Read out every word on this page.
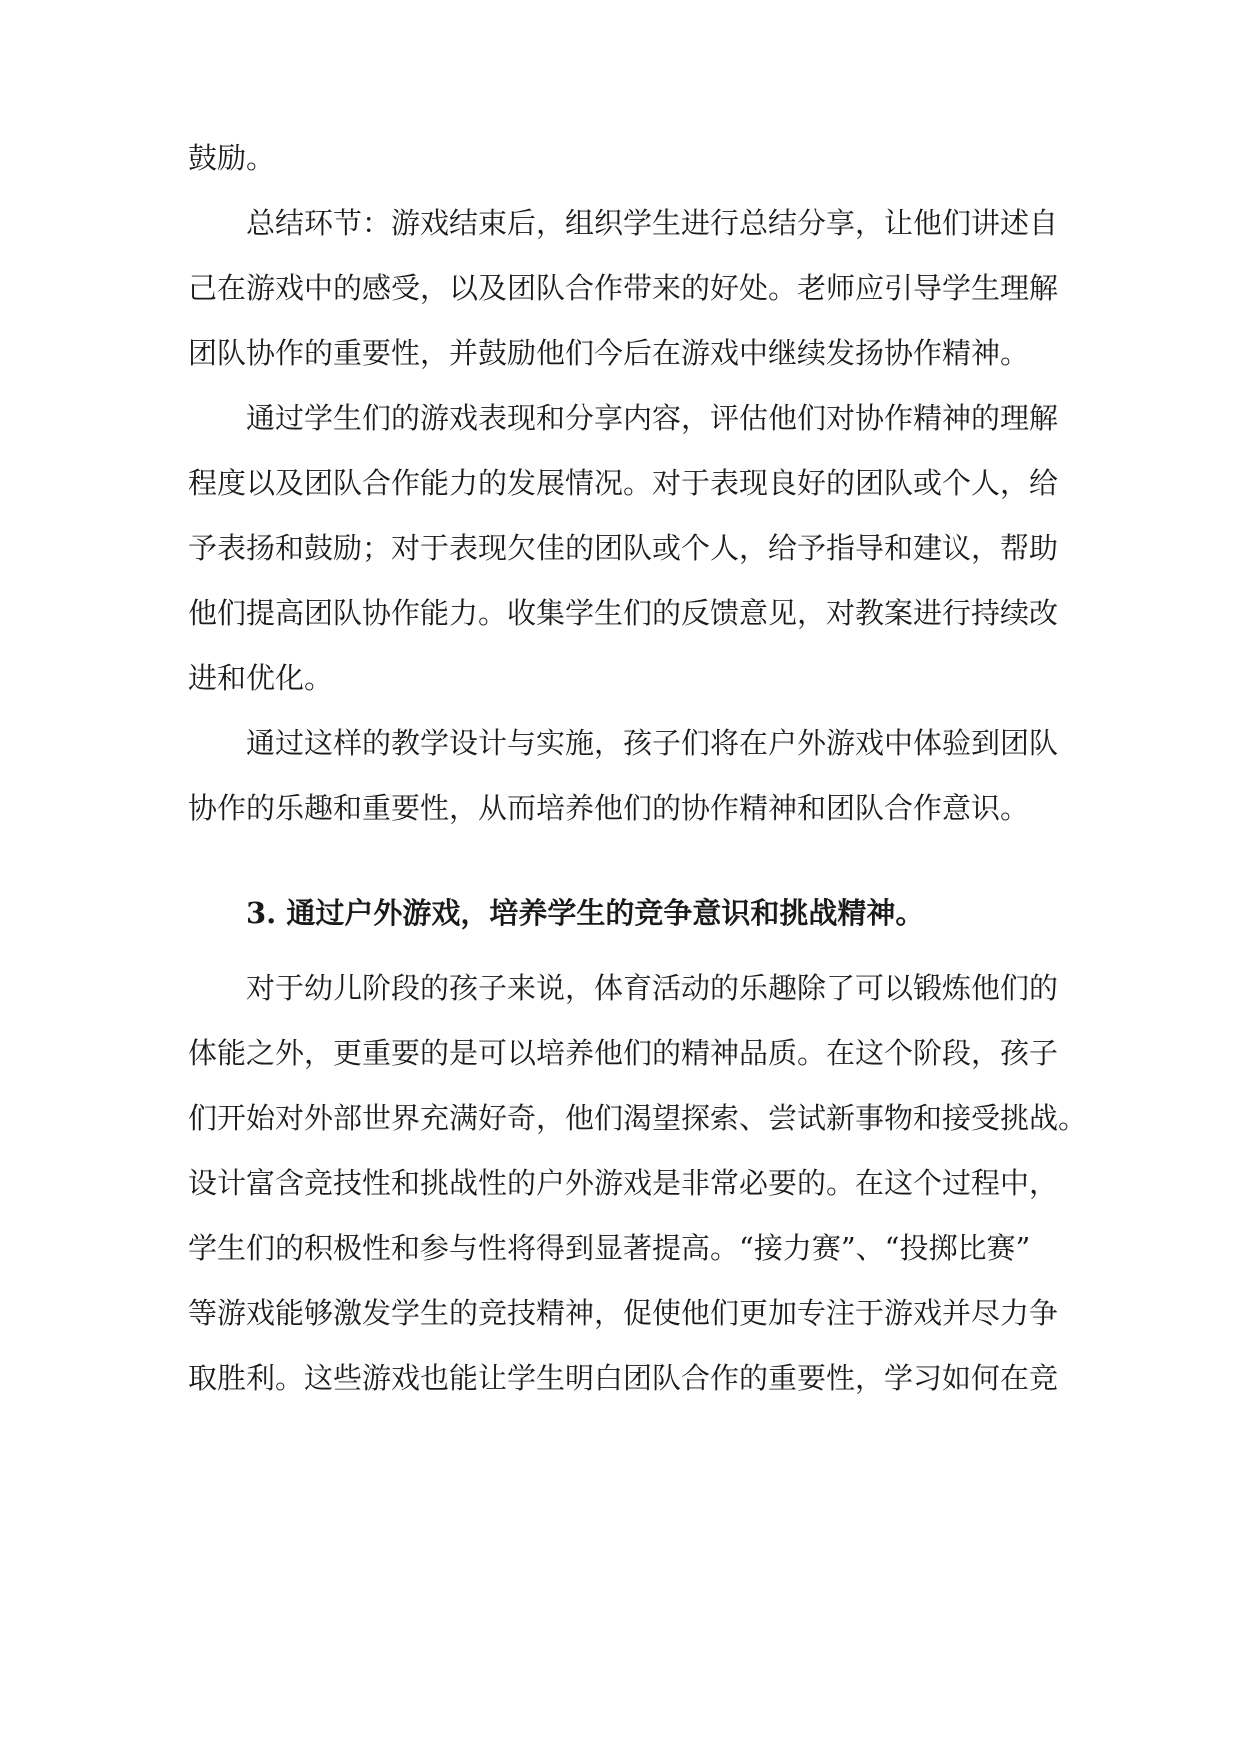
鼓励。
总结环节：游戏结束后，组织学生进行总结分享，让他们讲述自
己在游戏中的感受，以及团队合作带来的好处。老师应引导学生理解
团队协作的重要性，并鼓励他们今后在游戏中继续发扬协作精神。
通过学生们的游戏表现和分享内容，评估他们对协作精神的理解
程度以及团队合作能力的发展情况。对于表现良好的团队或个人，给
予表扬和鼓励；对于表现欠佳的团队或个人，给予指导和建议，帮助
他们提高团队协作能力。收集学生们的反馈意见，对教案进行持续改
进和优化。
通过这样的教学设计与实施，孩子们将在户外游戏中体验到团队
协作的乐趣和重要性，从而培养他们的协作精神和团队合作意识。
3. 通过户外游戏，培养学生的竞争意识和挑战精神。
对于幼儿阶段的孩子来说，体育活动的乐趣除了可以锻炼他们的
体能之外，更重要的是可以培养他们的精神品质。在这个阶段，孩子
们开始对外部世界充满好奇，他们渴望探索、尝试新事物和接受挑战。
设计富含竞技性和挑战性的户外游戏是非常必要的。在这个过程中，
学生们的积极性和参与性将得到显著提高。“接力赛”、“投掷比赛”
等游戏能够激发学生的竞技精神，促使他们更加专注于游戏并尽力争
取胜利。这些游戏也能让学生明白团队合作的重要性，学习如何在竞
